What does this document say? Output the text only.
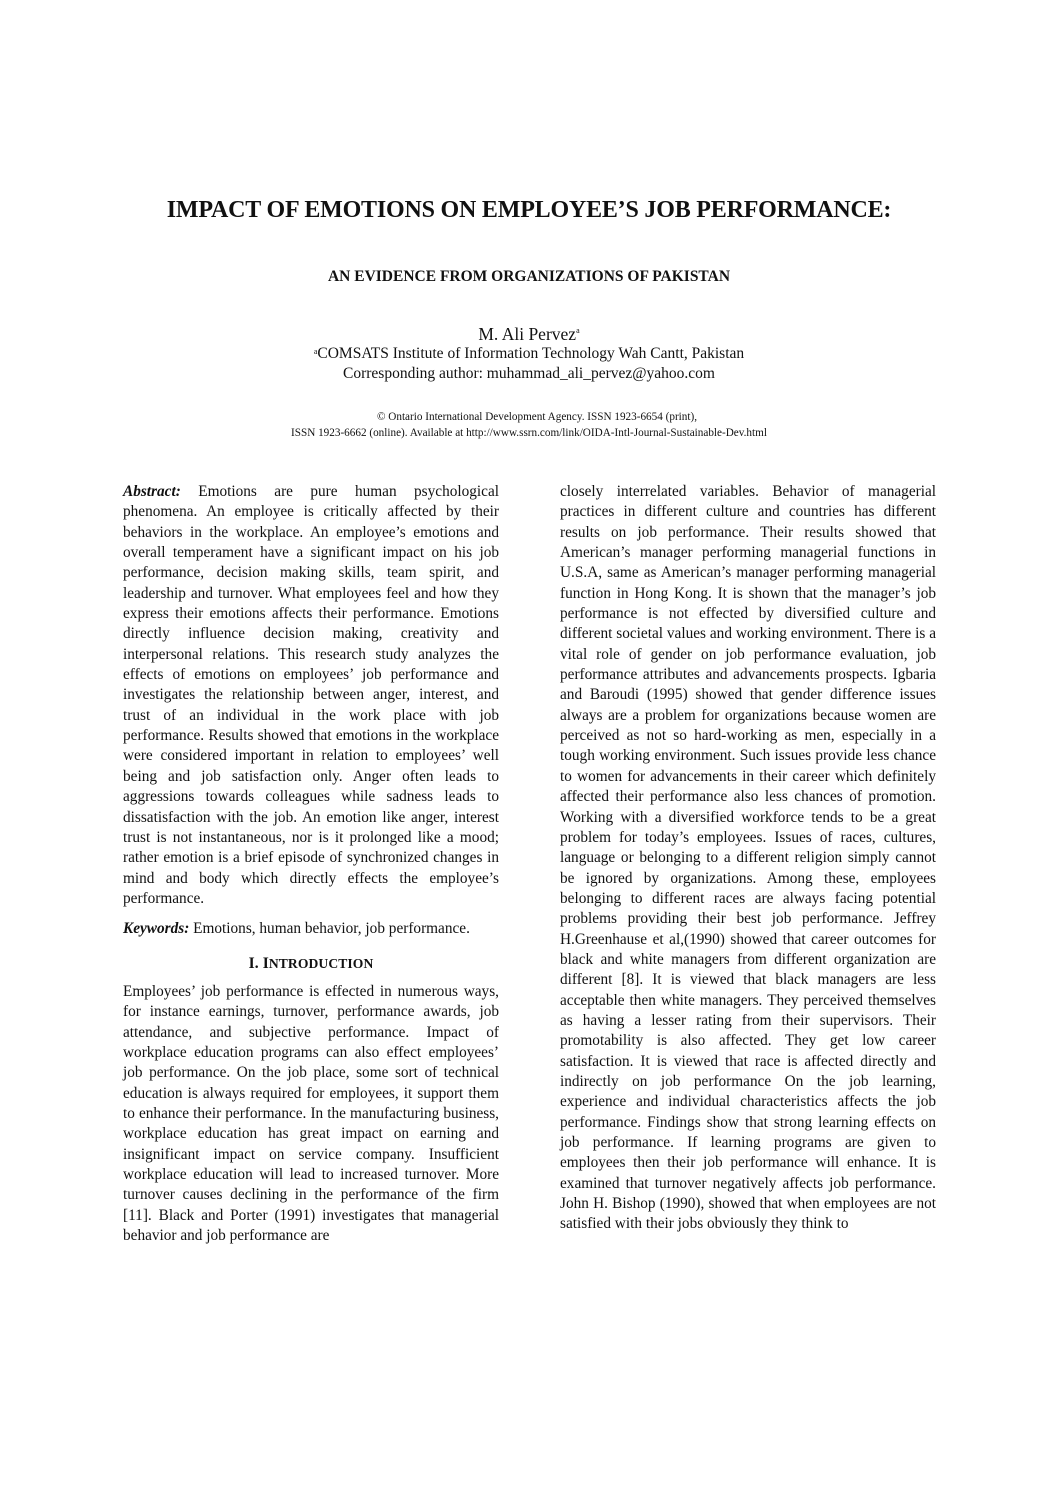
IMPACT OF EMOTIONS ON EMPLOYEE’S JOB PERFORMANCE:
AN EVIDENCE FROM ORGANIZATIONS OF PAKISTAN
M. Ali Pervez$^a$
$^a$COMSATS Institute of Information Technology Wah Cantt, Pakistan
Corresponding author: muhammad_ali_pervez@yahoo.com
© Ontario International Development Agency. ISSN 1923-6654 (print),
ISSN 1923-6662 (online). Available at http://www.ssrn.com/link/OIDA-Intl-Journal-Sustainable-Dev.html

Abstract: Emotions are pure human psychological phenomena. An employee is critically affected by their behaviors in the workplace. An employee’s emotions and overall temperament have a significant impact on his job performance, decision making skills, team spirit, and leadership and turnover. What employees feel and how they express their emotions affects their performance. Emotions directly influence decision making, creativity and interpersonal relations. This research study analyzes the effects of emotions on employees’ job performance and investigates the relationship between anger, interest, and trust of an individual in the work place with job performance. Results showed that emotions in the workplace were considered important in relation to employees’ well being and job satisfaction only. Anger often leads to aggressions towards colleagues while sadness leads to dissatisfaction with the job. An emotion like anger, interest trust is not instantaneous, nor is it prolonged like a mood; rather emotion is a brief episode of synchronized changes in mind and body which directly effects the employee’s performance.

Keywords: Emotions, human behavior, job performance.

I. INTRODUCTION

Employees’ job performance is effected in numerous ways, for instance earnings, turnover, performance awards, job attendance, and subjective performance. Impact of workplace education programs can also effect employees’ job performance. On the job place, some sort of technical education is always required for employees, it support them to enhance their performance. In the manufacturing business, workplace education has great impact on earning and insignificant impact on service company. Insufficient workplace education will lead to increased turnover. More turnover causes declining in the performance of the firm [11]. Black and Porter (1991) investigates that managerial behavior and job performance are

closely interrelated variables. Behavior of managerial practices in different culture and countries has different results on job performance. Their results showed that American’s manager performing managerial functions in U.S.A, same as American’s manager performing managerial function in Hong Kong. It is shown that the manager’s job performance is not effected by diversified culture and different societal values and working environment. There is a vital role of gender on job performance evaluation, job performance attributes and advancements prospects. Igbaria and Baroudi (1995) showed that gender difference issues always are a problem for organizations because women are perceived as not so hard-working as men, especially in a tough working environment. Such issues provide less chance to women for advancements in their career which definitely affected their performance also less chances of promotion. Working with a diversified workforce tends to be a great problem for today’s employees. Issues of races, cultures, language or belonging to a different religion simply cannot be ignored by organizations. Among these, employees belonging to different races are always facing potential problems providing their best job performance. Jeffrey H.Greenhause et al,(1990) showed that career outcomes for black and white managers from different organization are different [8]. It is viewed that black managers are less acceptable then white managers. They perceived themselves as having a lesser rating from their supervisors. Their promotability is also affected. They get low career satisfaction. It is viewed that race is affected directly and indirectly on job performance On the job learning, experience and individual characteristics affects the job performance. Findings show that strong learning effects on job performance. If learning programs are given to employees then their job performance will enhance. It is examined that turnover negatively affects job performance. John H. Bishop (1990), showed that when employees are not satisfied with their jobs obviously they think to
